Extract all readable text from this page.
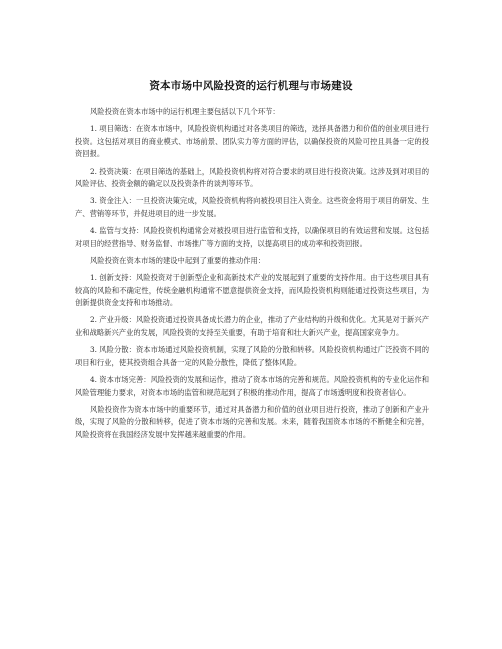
资本市场中风险投资的运行机理与市场建设

风险投资在资本市场中的运行机理主要包括以下几个环节：

1. 项目筛选：在资本市场中，风险投资机构通过对各类项目的筛选，选择具备潜力和价值的创业项目进行投资。这包括对项目的商业模式、市场前景、团队实力等方面的评估，以确保投资的风险可控且具备一定的投资回报。

2. 投资决策：在项目筛选的基础上，风险投资机构将对符合要求的项目进行投资决策。这涉及到对项目的风险评估、投资金额的确定以及投资条件的谈判等环节。

3. 资金注入：一旦投资决策完成，风险投资机构将向被投项目注入资金。这些资金将用于项目的研发、生产、营销等环节，并促进项目的进一步发展。

4. 监管与支持：风险投资机构通常会对被投项目进行监管和支持，以确保项目的有效运营和发展。这包括对项目的经营指导、财务监督、市场推广等方面的支持，以提高项目的成功率和投资回报。

风险投资在资本市场的建设中起到了重要的推动作用：

1. 创新支持：风险投资对于创新型企业和高新技术产业的发展起到了重要的支持作用。由于这些项目具有较高的风险和不确定性，传统金融机构通常不愿意提供资金支持，而风险投资机构则能通过投资这些项目，为创新提供资金支持和市场推动。

2. 产业升级：风险投资通过投资具备成长潜力的企业，推动了产业结构的升级和优化。尤其是对于新兴产业和战略新兴产业的发展，风险投资的支持至关重要，有助于培育和壮大新兴产业，提高国家竞争力。

3. 风险分散：资本市场通过风险投资机制，实现了风险的分散和转移。风险投资机构通过广泛投资不同的项目和行业，使其投资组合具备一定的风险分散性，降低了整体风险。

4. 资本市场完善：风险投资的发展和运作，推动了资本市场的完善和规范。风险投资机构的专业化运作和风险管理能力要求，对资本市场的监管和规范起到了积极的推动作用，提高了市场透明度和投资者信心。

风险投资作为资本市场中的重要环节，通过对具备潜力和价值的创业项目进行投资，推动了创新和产业升级，实现了风险的分散和转移，促进了资本市场的完善和发展。未来，随着我国资本市场的不断健全和完善，风险投资将在我国经济发展中发挥越来越重要的作用。
